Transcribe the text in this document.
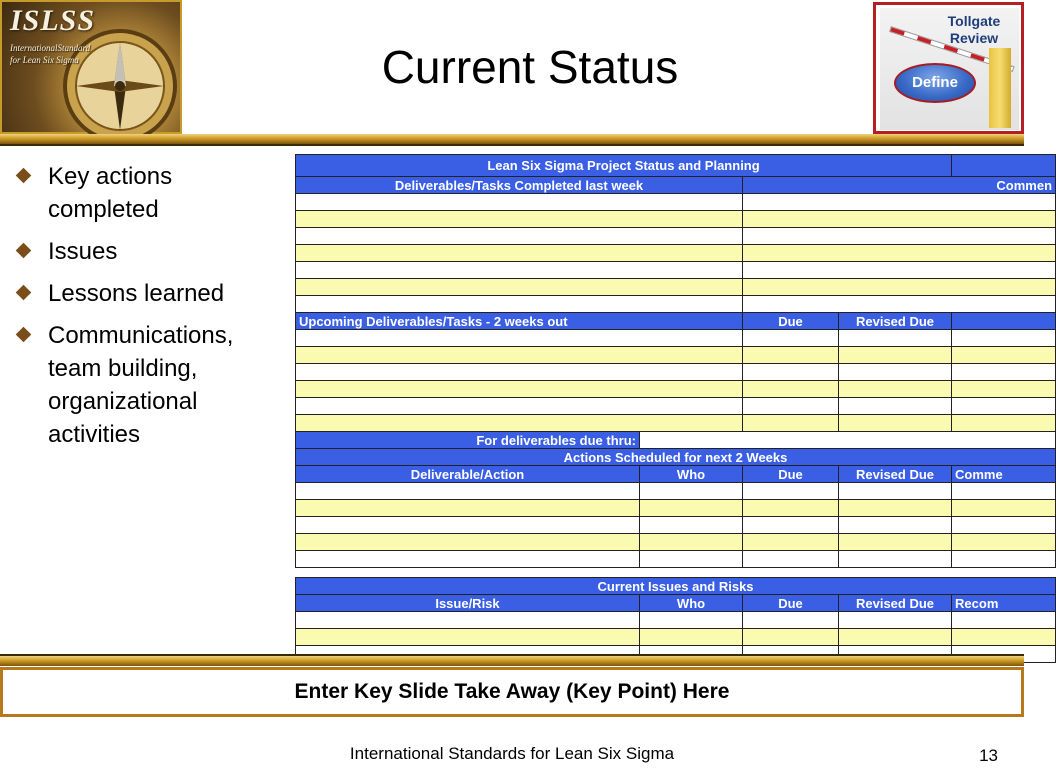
ISLSS
InternationalStandard for Lean Six Sigma	Current Status
Tollgate
Review
Define
Key actions completed
Issues
Lessons learned
Communications, team building, organizational activities
Lean Six Sigma Project Status and Planning				
Deliverables/Tasks Completed last week		Commen		

Upcoming Deliverables/Tasks - 2 weeks out		Due	Revised Due	

For deliverables due thru:				
Actions Scheduled for next 2 Weeks				
Deliverable/Action	Who	Due	Revised Due	Comme

Current Issues and Risks				
Issue/Risk	Who	Due	Revised Due	Recom

Enter Key Slide Take Away (Key Point) Here
International Standards for Lean Six Sigma	13
